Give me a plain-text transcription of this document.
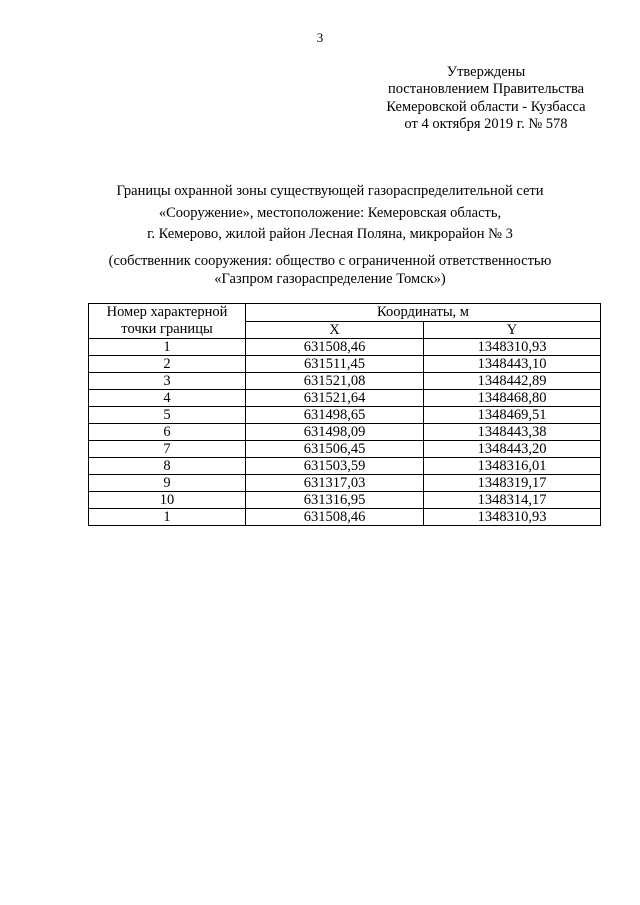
3
Утверждены
постановлением Правительства
Кемеровской области - Кузбасса
от 4 октября 2019 г. № 578
Границы охранной зоны существующей газораспределительной сети
«Сооружение», местоположение: Кемеровская область,
г. Кемерово, жилой район Лесная Поляна, микрорайон № 3
(собственник сооружения: общество с ограниченной ответственностью
«Газпром газораспределение Томск»)
Номер характерной
точки границы	Координаты, м	
	X	Y
1	631508,46	1348310,93
2	631511,45	1348443,10
3	631521,08	1348442,89
4	631521,64	1348468,80
5	631498,65	1348469,51
6	631498,09	1348443,38
7	631506,45	1348443,20
8	631503,59	1348316,01
9	631317,03	1348319,17
10	631316,95	1348314,17
1	631508,46	1348310,93
